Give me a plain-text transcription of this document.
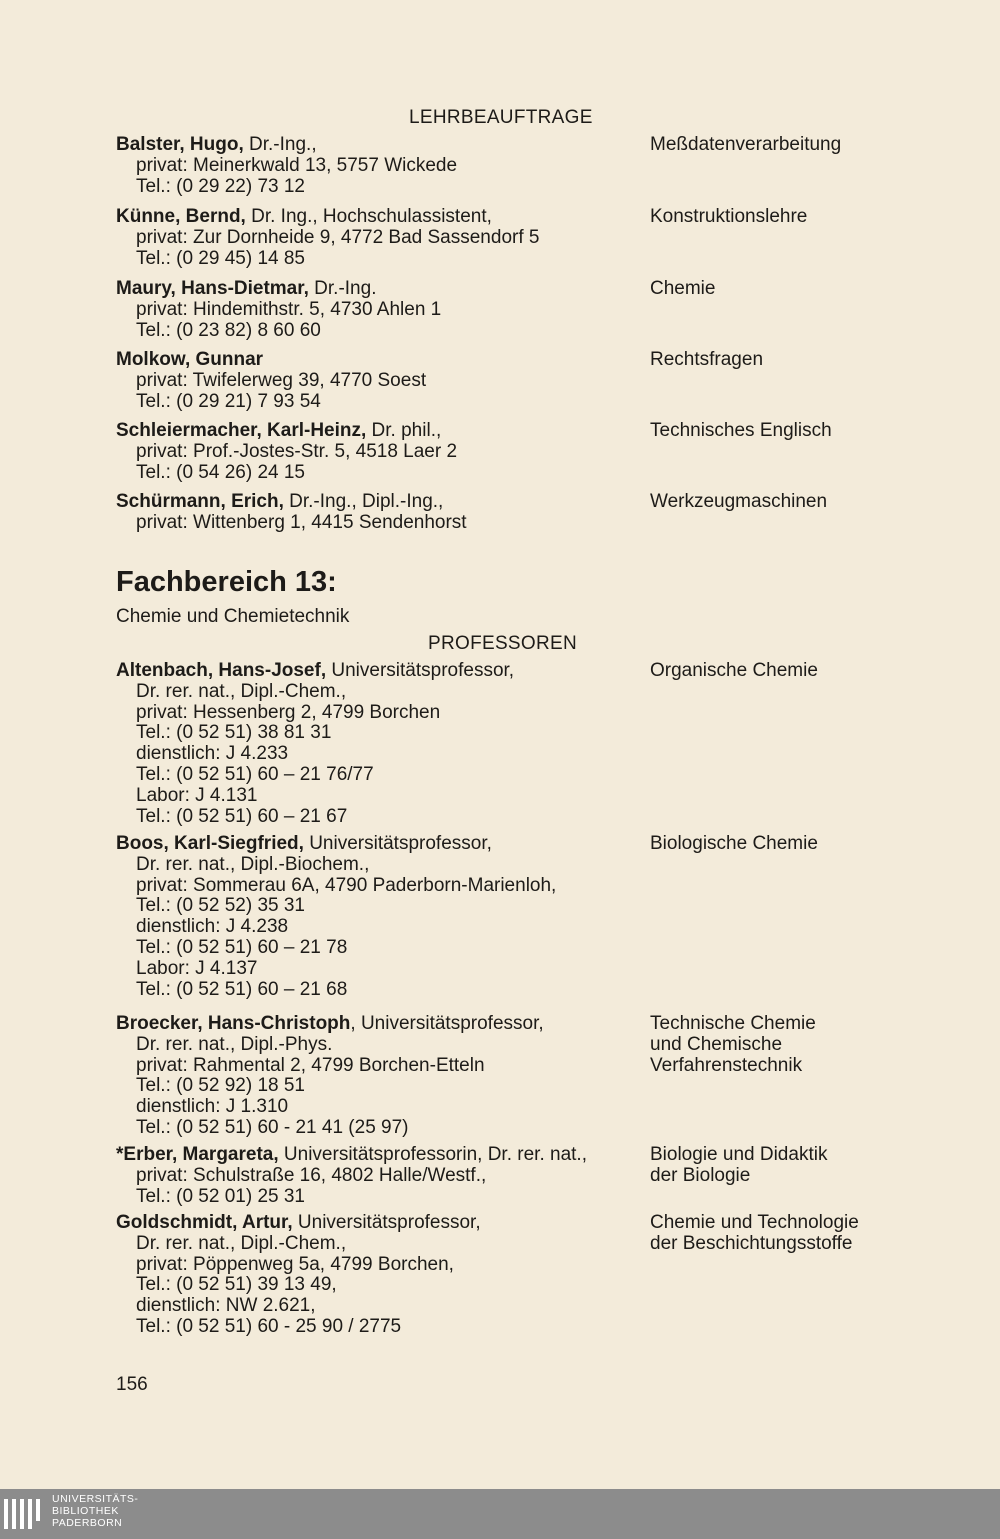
LEHRBEAUFTRAGE
Balster, Hugo, Dr.-Ing.,
privat: Meinerkwald 13, 5757 Wickede
Tel.: (0 29 22) 73 12
Meßdatenverarbeitung
Künne, Bernd, Dr. Ing., Hochschulassistent,
privat: Zur Dornheide 9, 4772 Bad Sassendorf 5
Tel.: (0 29 45) 14 85
Konstruktionslehre
Maury, Hans-Dietmar, Dr.-Ing.
privat: Hindemithstr. 5, 4730 Ahlen 1
Tel.: (0 23 82) 8 60 60
Chemie
Molkow, Gunnar
privat: Twifelerweg 39, 4770 Soest
Tel.: (0 29 21) 7 93 54
Rechtsfragen
Schleiermacher, Karl-Heinz, Dr. phil.,
privat: Prof.-Jostes-Str. 5, 4518 Laer 2
Tel.: (0 54 26) 24 15
Technisches Englisch
Schürmann, Erich, Dr.-Ing., Dipl.-Ing.,
privat: Wittenberg 1, 4415 Sendenhorst
Werkzeugmaschinen
Fachbereich 13:
Chemie und Chemietechnik
PROFESSOREN
Altenbach, Hans-Josef, Universitätsprofessor,
Dr. rer. nat., Dipl.-Chem.,
privat: Hessenberg 2, 4799 Borchen
Tel.: (0 52 51) 38 81 31
dienstlich: J 4.233
Tel.: (0 52 51) 60 – 21 76/77
Labor: J 4.131
Tel.: (0 52 51) 60 – 21 67
Organische Chemie
Boos, Karl-Siegfried, Universitätsprofessor,
Dr. rer. nat., Dipl.-Biochem.,
privat: Sommerau 6A, 4790 Paderborn-Marienloh,
Tel.: (0 52 52) 35 31
dienstlich: J 4.238
Tel.: (0 52 51) 60 – 21 78
Labor: J 4.137
Tel.: (0 52 51) 60 – 21 68
Biologische Chemie
Broecker, Hans-Christoph, Universitätsprofessor,
Dr. rer. nat., Dipl.-Phys.
privat: Rahmental 2, 4799 Borchen-Etteln
Tel.: (0 52 92) 18 51
dienstlich: J 1.310
Tel.: (0 52 51) 60 - 21 41 (25 97)
Technische Chemie
und Chemische
Verfahrenstechnik
*Erber, Margareta, Universitätsprofessorin, Dr. rer. nat.,
privat: Schulstraße 16, 4802 Halle/Westf.,
Tel.: (0 52 01) 25 31
Biologie und Didaktik
der Biologie
Goldschmidt, Artur, Universitätsprofessor,
Dr. rer. nat., Dipl.-Chem.,
privat: Pöppenweg 5a, 4799 Borchen,
Tel.: (0 52 51) 39 13 49,
dienstlich: NW 2.621,
Tel.: (0 52 51) 60 - 25 90 / 2775
Chemie und Technologie
der Beschichtungsstoffe
156
UNIVERSITÄTS-
BIBLIOTHEK
PADERBORN
